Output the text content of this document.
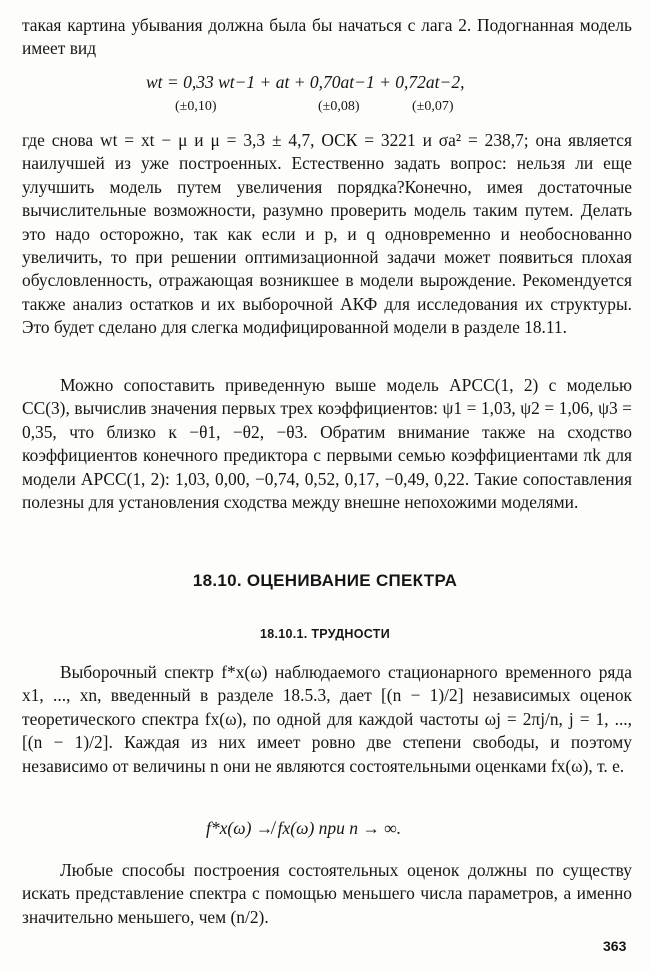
такая картина убывания должна была бы начаться с лага 2. Подогнанная модель имеет вид

wt = 0,33 wt−1 + at + 0,70at−1 + 0,72at−2,
(±0,10)	(±0,08)	(±0,07)

где снова wt = xt − μ и μ = 3,3 ± 4,7, ОСК = 3221 и σa² = 238,7; она является наилучшей из уже построенных. Естественно задать вопрос: нельзя ли еще улучшить модель путем увеличения порядка?Конечно, имея достаточные вычислительные возможности, разумно проверить модель таким путем. Делать это надо осторожно, так как если и p, и q одновременно и необоснованно увеличить, то при решении оптимизационной задачи может появиться плохая обусловленность, отражающая возникшее в модели вырождение. Рекомендуется также анализ остатков и их выборочной АКФ для исследования их структуры. Это будет сделано для слегка модифицированной модели в разделе 18.11.

Можно сопоставить приведенную выше модель АРСС(1, 2) с моделью СС(3), вычислив значения первых трех коэффициентов: ψ1 = 1,03, ψ2 = 1,06, ψ3 = 0,35, что близко к −θ1, −θ2, −θ3. Обратим внимание также на сходство коэффициентов конечного предиктора с первыми семью коэффициентами πk для модели АРСС(1, 2): 1,03, 0,00, −0,74, 0,52, 0,17, −0,49, 0,22. Такие сопоставления полезны для установления сходства между внешне непохожими моделями.

18.10. ОЦЕНИВАНИЕ СПЕКТРА
18.10.1. ТРУДНОСТИ

Выборочный спектр f*x(ω) наблюдаемого стационарного временного ряда x1, ..., xn, введенный в разделе 18.5.3, дает [(n − 1)/2] независимых оценок теоретического спектра fx(ω), по одной для каждой частоты ωj = 2πj/n, j = 1, ..., [(n − 1)/2]. Каждая из них имеет ровно две степени свободы, и поэтому независимо от величины n они не являются состоятельными оценками fx(ω), т. е.

f*x(ω) ↛ fx(ω) при n → ∞.

Любые способы построения состоятельных оценок должны по существу искать представление спектра с помощью меньшего числа параметров, а именно значительно меньшего, чем (n/2).

363
